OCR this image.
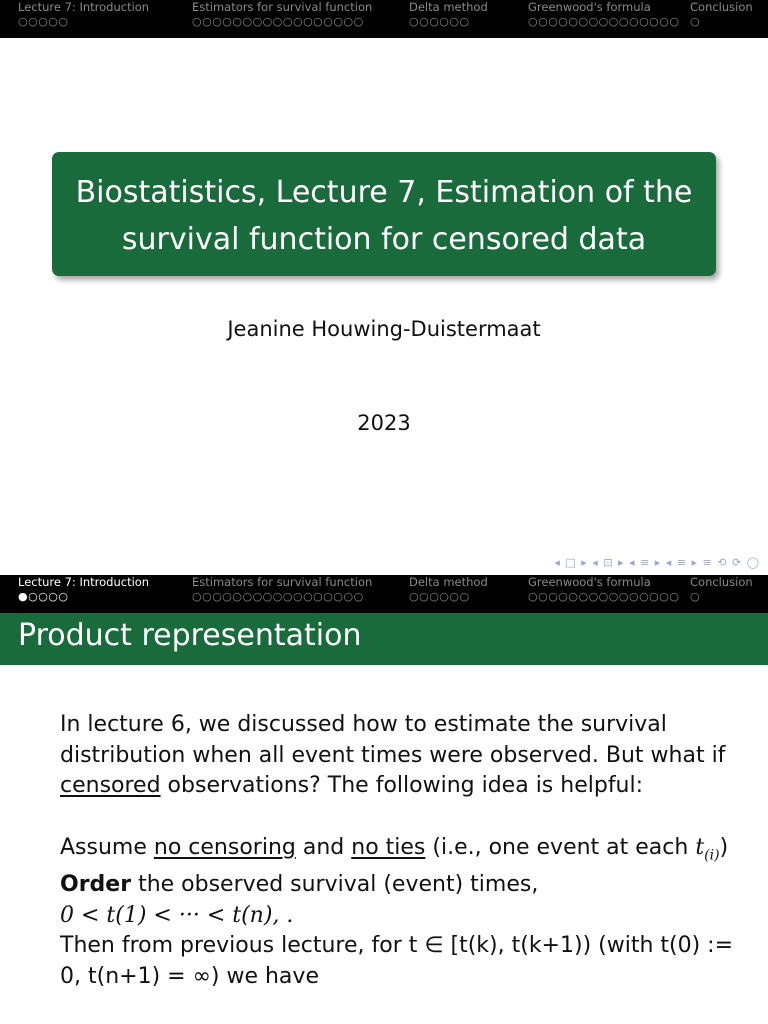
Lecture 7: Introduction
○○○○○
Estimators for survival function
○○○○○○○○○○○○○○○○○
Delta method
○○○○○○
Greenwood's formula
○○○○○○○○○○○○○○○
Conclusion
○
Biostatistics, Lecture 7, Estimation of the
survival function for censored data
Jeanine Houwing-Duistermaat
2023
◂ □ ▸ ◂ ⊡ ▸ ◂ ≡ ▸ ◂ ≡ ▸ ≡ ⟲ ⟳ ◯
Lecture 7: Introduction
●○○○○
Estimators for survival function
○○○○○○○○○○○○○○○○○
Delta method
○○○○○○
Greenwood's formula
○○○○○○○○○○○○○○○
Conclusion
○
Product representation

In lecture 6, we discussed how to estimate the survival distribution when all event times were observed. But what if censored observations? The following idea is helpful:

Assume no censoring and no ties (i.e., one event at each $t_{(i)}$)

Order the observed survival (event) times,

0 < t(1) < ··· < t(n), .

Then from previous lecture, for t ∈ [t(k), t(k+1)) (with t(0) := 0, t(n+1) = ∞) we have
